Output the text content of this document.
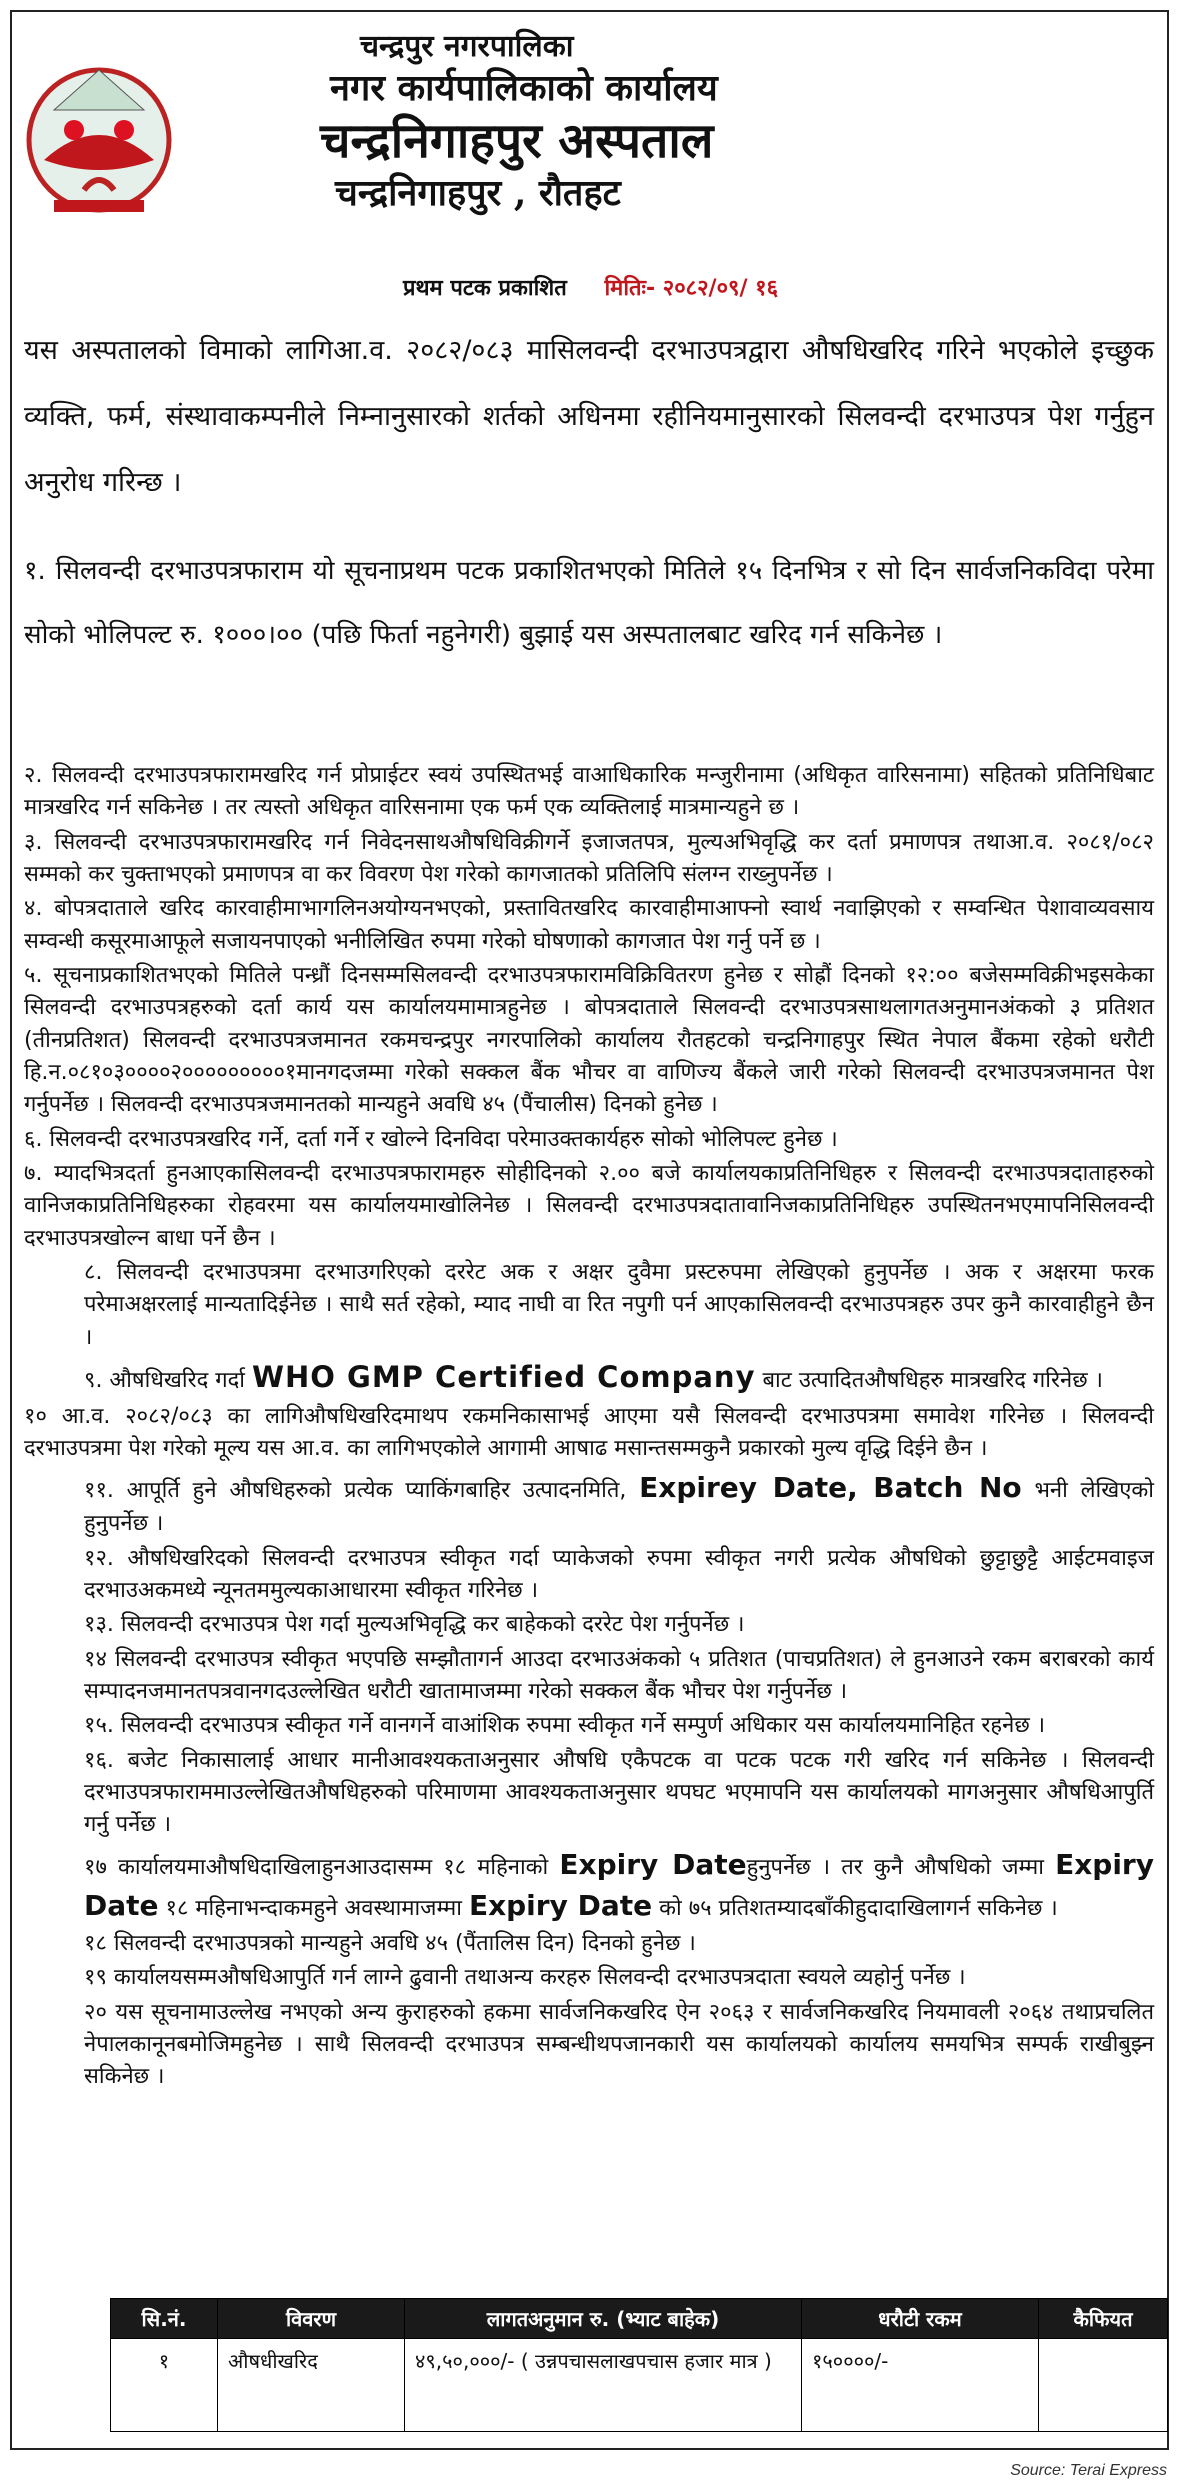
चन्द्रपुर नगरपालिका
नगर कार्यपालिकाको कार्यालय
चन्द्रनिगाहपुर अस्पताल
चन्द्रनिगाहपुर , रौतहट
प्रथम पटक प्रकाशित मितिः- २०८२/०९/ १६
यस अस्पतालको विमाको लागिआ.व. २०८२/०८३ मासिलवन्दी दरभाउपत्रद्वारा औषधिखरिद गरिने भएकोले इच्छुक व्यक्ति, फर्म, संस्थावाकम्पनीले निम्नानुसारको शर्तको अधिनमा रहीनियमानुसारको सिलवन्दी दरभाउपत्र पेश गर्नुहुन अनुरोध गरिन्छ ।
१. सिलवन्दी दरभाउपत्रफाराम यो सूचनाप्रथम पटक प्रकाशितभएको मितिले १५ दिनभित्र र सो दिन सार्वजनिकविदा परेमा सोको भोलिपल्ट रु. १०००।०० (पछि फिर्ता नहुनेगरी) बुझाई यस अस्पतालबाट खरिद गर्न सकिनेछ ।

२. सिलवन्दी दरभाउपत्रफारामखरिद गर्न प्रोप्राईटर स्वयं उपस्थितभई वाआधिकारिक मन्जुरीनामा (अधिकृत वारिसनामा) सहितको प्रतिनिधिबाट मात्रखरिद गर्न सकिनेछ । तर त्यस्तो अधिकृत वारिसनामा एक फर्म एक व्यक्तिलाई मात्रमान्यहुने छ ।

३. सिलवन्दी दरभाउपत्रफारामखरिद गर्न निवेदनसाथऔषधिविक्रीगर्ने इजाजतपत्र, मुल्यअभिवृद्धि कर दर्ता प्रमाणपत्र तथाआ.व. २०८१/०८२ सम्मको कर चुक्ताभएको प्रमाणपत्र वा कर विवरण पेश गरेको कागजातको प्रतिलिपि संलग्न राख्नुपर्नेछ ।

४. बोपत्रदाताले खरिद कारवाहीमाभागलिनअयोग्यनभएको, प्रस्तावितखरिद कारवाहीमाआफ्नो स्वार्थ नवाझिएको र सम्वन्धित पेशावाव्यवसाय सम्वन्धी कसूरमाआफूले सजायनपाएको भनीलिखित रुपमा गरेको घोषणाको कागजात पेश गर्नु पर्ने छ ।

५. सूचनाप्रकाशितभएको मितिले पन्ध्रौं दिनसम्मसिलवन्दी दरभाउपत्रफारामविक्रिवितरण हुनेछ र सोह्रौं दिनको १२:०० बजेसम्मविक्रीभइसकेका सिलवन्दी दरभाउपत्रहरुको दर्ता कार्य यस कार्यालयमामात्रहुनेछ । बोपत्रदाताले सिलवन्दी दरभाउपत्रसाथलागतअनुमानअंकको ३ प्रतिशत (तीनप्रतिशत) सिलवन्दी दरभाउपत्रजमानत रकमचन्द्रपुर नगरपालिको कार्यालय रौतहटको चन्द्रनिगाहपुर स्थित नेपाल बैंकमा रहेको धरौटी हि.न.०८१०३००००२०००००००००१मानगदजम्मा गरेको सक्कल बैंक भौचर वा वाणिज्य बैंकले जारी गरेको सिलवन्दी दरभाउपत्रजमानत पेश गर्नुपर्नेछ । सिलवन्दी दरभाउपत्रजमानतको मान्यहुने अवधि ४५ (पैंचालीस) दिनको हुनेछ ।

६. सिलवन्दी दरभाउपत्रखरिद गर्ने, दर्ता गर्ने र खोल्ने दिनविदा परेमाउक्तकार्यहरु सोको भोलिपल्ट हुनेछ ।

७. म्यादभित्रदर्ता हुनआएकासिलवन्दी दरभाउपत्रफारामहरु सोहीदिनको २.०० बजे कार्यालयकाप्रतिनिधिहरु र सिलवन्दी दरभाउपत्रदाताहरुको वानिजकाप्रतिनिधिहरुका रोहवरमा यस कार्यालयमाखोलिनेछ । सिलवन्दी दरभाउपत्रदातावानिजकाप्रतिनिधिहरु उपस्थितनभएमापनिसिलवन्दी दरभाउपत्रखोल्न बाधा पर्ने छैन ।

८. सिलवन्दी दरभाउपत्रमा दरभाउगरिएको दररेट अक र अक्षर दुवैमा प्रस्टरुपमा लेखिएको हुनुपर्नेछ । अक र अक्षरमा फरक परेमाअक्षरलाई मान्यतादिईनेछ । साथै सर्त रहेको, म्याद नाघी वा रित नपुगी पर्न आएकासिलवन्दी दरभाउपत्रहरु उपर कुनै कारवाहीहुने छैन ।

९. औषधिखरिद गर्दा WHO GMP Certified Company बाट उत्पादितऔषधिहरु मात्रखरिद गरिनेछ ।

१० आ.व. २०८२/०८३ का लागिऔषधिखरिदमाथप रकमनिकासाभई आएमा यसै सिलवन्दी दरभाउपत्रमा समावेश गरिनेछ । सिलवन्दी दरभाउपत्रमा पेश गरेको मूल्य यस आ.व. का लागिभएकोले आगामी आषाढ मसान्तसम्मकुनै प्रकारको मुल्य वृद्धि दिईने छैन ।

११. आपूर्ति हुने औषधिहरुको प्रत्येक प्याकिंगबाहिर उत्पादनमिति, Expirey Date, Batch No भनी लेखिएको हुनुपर्नेछ ।

१२. औषधिखरिदको सिलवन्दी दरभाउपत्र स्वीकृत गर्दा प्याकेजको रुपमा स्वीकृत नगरी प्रत्येक औषधिको छुट्टाछुट्टै आईटमवाइज दरभाउअकमध्ये न्यूनतममुल्यकाआधारमा स्वीकृत गरिनेछ ।

१३. सिलवन्दी दरभाउपत्र पेश गर्दा मुल्यअभिवृद्धि कर बाहेकको दररेट पेश गर्नुपर्नेछ ।

१४ सिलवन्दी दरभाउपत्र स्वीकृत भएपछि सम्झौतागर्न आउदा दरभाउअंकको ५ प्रतिशत (पाचप्रतिशत) ले हुनआउने रकम बराबरको कार्य सम्पादनजमानतपत्रवानगदउल्लेखित धरौटी खातामाजम्मा गरेको सक्कल बैंक भौचर पेश गर्नुपर्नेछ ।

१५. सिलवन्दी दरभाउपत्र स्वीकृत गर्ने वानगर्ने वाआंशिक रुपमा स्वीकृत गर्ने सम्पुर्ण अधिकार यस कार्यालयमानिहित रहनेछ ।

१६. बजेट निकासालाई आधार मानीआवश्यकताअनुसार औषधि एकैपटक वा पटक पटक गरी खरिद गर्न सकिनेछ । सिलवन्दी दरभाउपत्रफाराममाउल्लेखितऔषधिहरुको परिमाणमा आवश्यकताअनुसार थपघट भएमापनि यस कार्यालयको मागअनुसार औषधिआपुर्ति गर्नु पर्नेछ ।

१७ कार्यालयमाऔषधिदाखिलाहुनआउदासम्म १८ महिनाको Expiry Dateहुनुपर्नेछ । तर कुनै औषधिको जम्मा Expiry Date १८ महिनाभन्दाकमहुने अवस्थामाजम्मा Expiry Date को ७५ प्रतिशतम्यादबाँकीहुदादाखिलागर्न सकिनेछ ।

१८ सिलवन्दी दरभाउपत्रको मान्यहुने अवधि ४५ (पैंतालिस दिन) दिनको हुनेछ ।

१९ कार्यालयसम्मऔषधिआपुर्ति गर्न लाग्ने ढुवानी तथाअन्य करहरु सिलवन्दी दरभाउपत्रदाता स्वयले व्यहोर्नु पर्नेछ ।

२० यस सूचनामाउल्लेख नभएको अन्य कुराहरुको हकमा सार्वजनिकखरिद ऐन २०६३ र सार्वजनिकखरिद नियमावली २०६४ तथाप्रचलित नेपालकानूनबमोजिमहुनेछ । साथै सिलवन्दी दरभाउपत्र सम्बन्धीथपजानकारी यस कार्यालयको कार्यालय समयभित्र सम्पर्क राखीबुझ्न सकिनेछ ।

सि.नं.	विवरण	लागतअनुमान रु. (भ्याट बाहेक)	धरौटी रकम	कैफियत
१	औषधीखरिद	४९,५०,०००/- ( उन्नपचासलाखपचास हजार मात्र )	१५००००/-	
Source: Terai Express
